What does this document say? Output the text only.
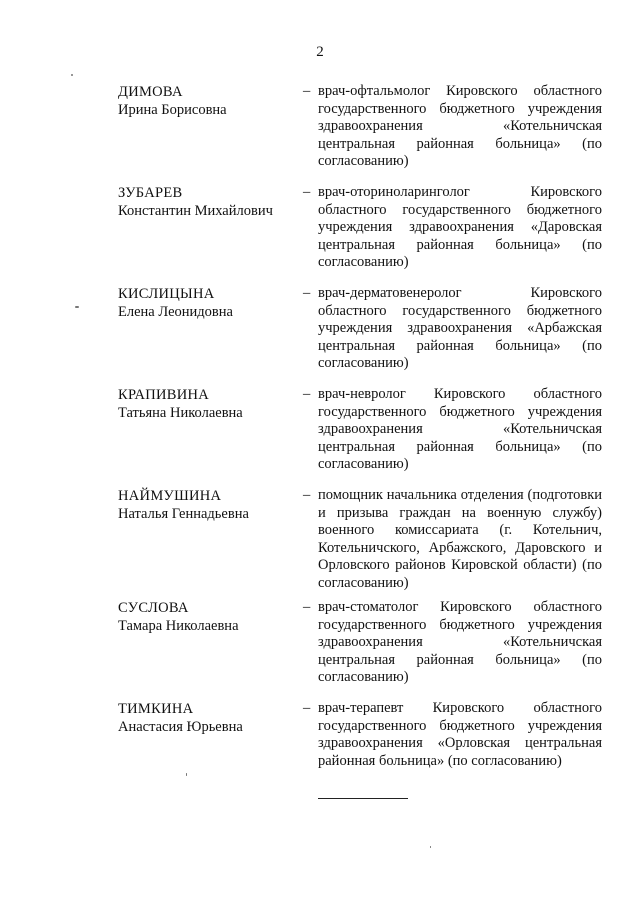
2
ДИМОВА
Ирина Борисовна
– врач-офтальмолог Кировского областного государственного бюджетного учреждения здравоохранения «Котельничская центральная районная больница» (по согласованию)
ЗУБАРЕВ
Константин Михайлович
– врач-оториноларинголог Кировского областного государственного бюджетного учреждения здравоохранения «Даровская центральная районная больница» (по согласованию)
КИСЛИЦЫНА
Елена Леонидовна
– врач-дерматовенеролог Кировского областного государственного бюджетного учреждения здравоохранения «Арбажская центральная районная больница» (по согласованию)
КРАПИВИНА
Татьяна Николаевна
– врач-невролог Кировского областного государственного бюджетного учреждения здравоохранения «Котельничская центральная районная больница» (по согласованию)
НАЙМУШИНА
Наталья Геннадьевна
– помощник начальника отделения (подготовки и призыва граждан на военную службу) военного комиссариата (г. Котельнич, Котельничского, Арбажского, Даровского и Орловского районов Кировской области) (по согласованию)
СУСЛОВА
Тамара Николаевна
– врач-стоматолог Кировского областного государственного бюджетного учреждения здравоохранения «Котельничская центральная районная больница» (по согласованию)
ТИМКИНА
Анастасия Юрьевна
– врач-терапевт Кировского областного государственного бюджетного учреждения здравоохранения «Орловская центральная районная больница» (по согласованию)
